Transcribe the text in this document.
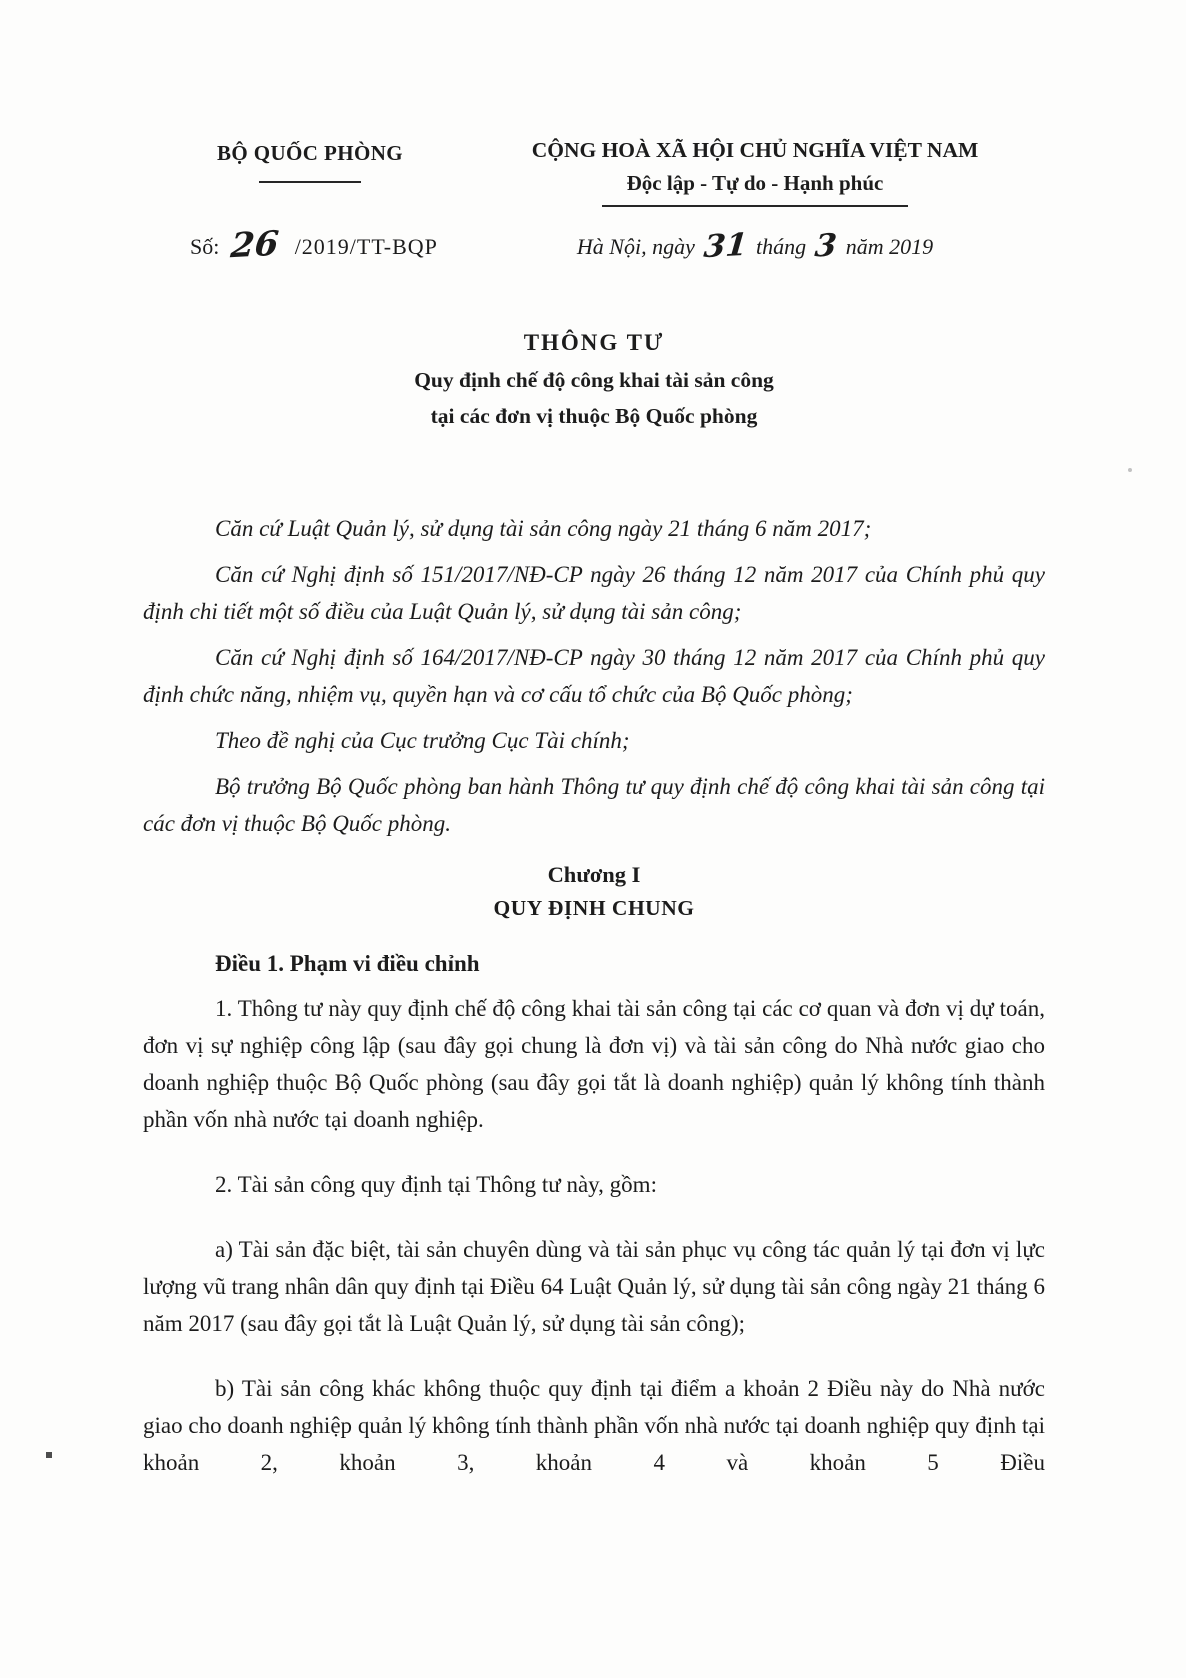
BỘ QUỐC PHÒNG	CỘNG HOÀ XÃ HỘI CHỦ NGHĨA VIỆT NAM
Độc lập - Tự do - Hạnh phúc
Số: 26 /2019/TT-BQP	Hà Nội, ngày 31 tháng 3 năm 2019
THÔNG TƯ
Quy định chế độ công khai tài sản công
tại các đơn vị thuộc Bộ Quốc phòng

Căn cứ Luật Quản lý, sử dụng tài sản công ngày 21 tháng 6 năm 2017;

Căn cứ Nghị định số 151/2017/NĐ-CP ngày 26 tháng 12 năm 2017 của Chính phủ quy định chi tiết một số điều của Luật Quản lý, sử dụng tài sản công;

Căn cứ Nghị định số 164/2017/NĐ-CP ngày 30 tháng 12 năm 2017 của Chính phủ quy định chức năng, nhiệm vụ, quyền hạn và cơ cấu tổ chức của Bộ Quốc phòng;

Theo đề nghị của Cục trưởng Cục Tài chính;

Bộ trưởng Bộ Quốc phòng ban hành Thông tư quy định chế độ công khai tài sản công tại các đơn vị thuộc Bộ Quốc phòng.

Chương I
QUY ĐỊNH CHUNG

Điều 1. Phạm vi điều chỉnh

1. Thông tư này quy định chế độ công khai tài sản công tại các cơ quan và đơn vị dự toán, đơn vị sự nghiệp công lập (sau đây gọi chung là đơn vị) và tài sản công do Nhà nước giao cho doanh nghiệp thuộc Bộ Quốc phòng (sau đây gọi tắt là doanh nghiệp) quản lý không tính thành phần vốn nhà nước tại doanh nghiệp.

2. Tài sản công quy định tại Thông tư này, gồm:

a) Tài sản đặc biệt, tài sản chuyên dùng và tài sản phục vụ công tác quản lý tại đơn vị lực lượng vũ trang nhân dân quy định tại Điều 64 Luật Quản lý, sử dụng tài sản công ngày 21 tháng 6 năm 2017 (sau đây gọi tắt là Luật Quản lý, sử dụng tài sản công);

b) Tài sản công khác không thuộc quy định tại điểm a khoản 2 Điều này do Nhà nước giao cho doanh nghiệp quản lý không tính thành phần vốn nhà nước tại doanh nghiệp quy định tại khoản 2, khoản 3, khoản 4 và khoản 5 Điều
